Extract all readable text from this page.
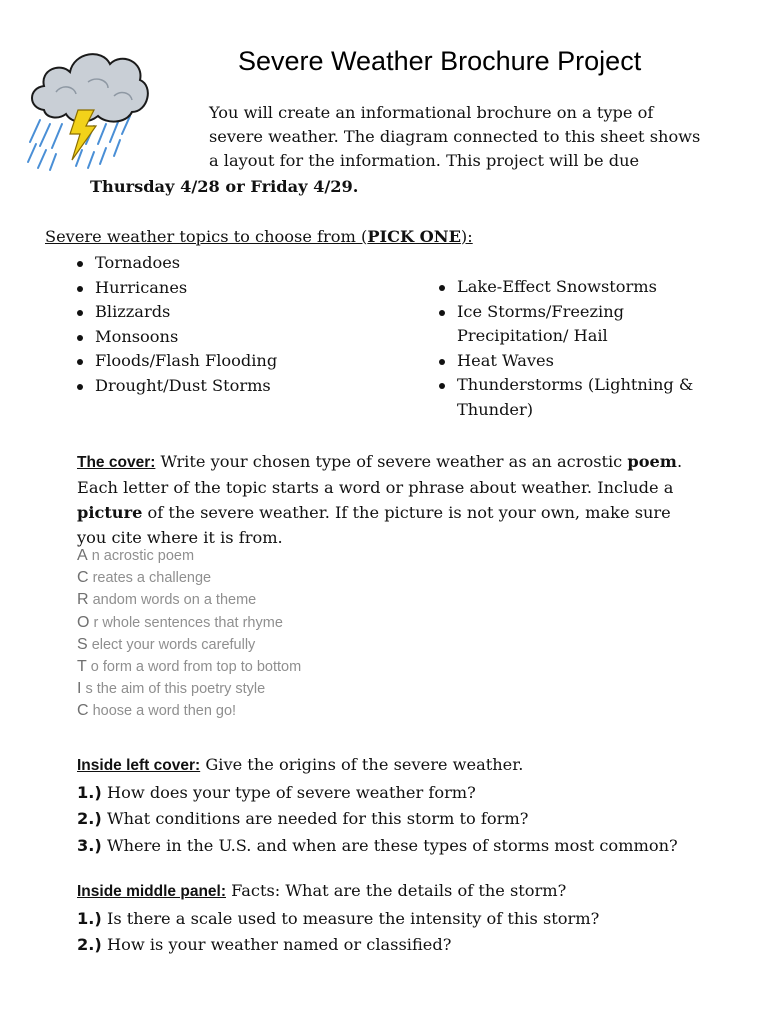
Severe Weather Brochure Project
You will create an informational brochure on a type of
severe weather. The diagram connected to this sheet shows
a layout for the information. This project will be due
Thursday 4/28 or Friday 4/29.
Severe weather topics to choose from (PICK ONE):
Tornadoes
Hurricanes
Blizzards
Monsoons
Floods/Flash Flooding
Drought/Dust Storms
Lake-Effect Snowstorms
Ice Storms/Freezing
Precipitation/ Hail
Heat Waves
Thunderstorms (Lightning &
Thunder)
The cover: Write your chosen type of severe weather as an acrostic poem.
Each letter of the topic starts a word or phrase about weather. Include a
picture of the severe weather. If the picture is not your own, make sure
you cite where it is from.
A n acrostic poem
C reates a challenge
R andom words on a theme
O r whole sentences that rhyme
S elect your words carefully
T o form a word from top to bottom
I s the aim of this poetry style
C hoose a word then go!
Inside left cover: Give the origins of the severe weather.
1.) How does your type of severe weather form?
2.) What conditions are needed for this storm to form?
3.) Where in the U.S. and when are these types of storms most common?
Inside middle panel: Facts: What are the details of the storm?
1.) Is there a scale used to measure the intensity of this storm?
2.) How is your weather named or classified?
